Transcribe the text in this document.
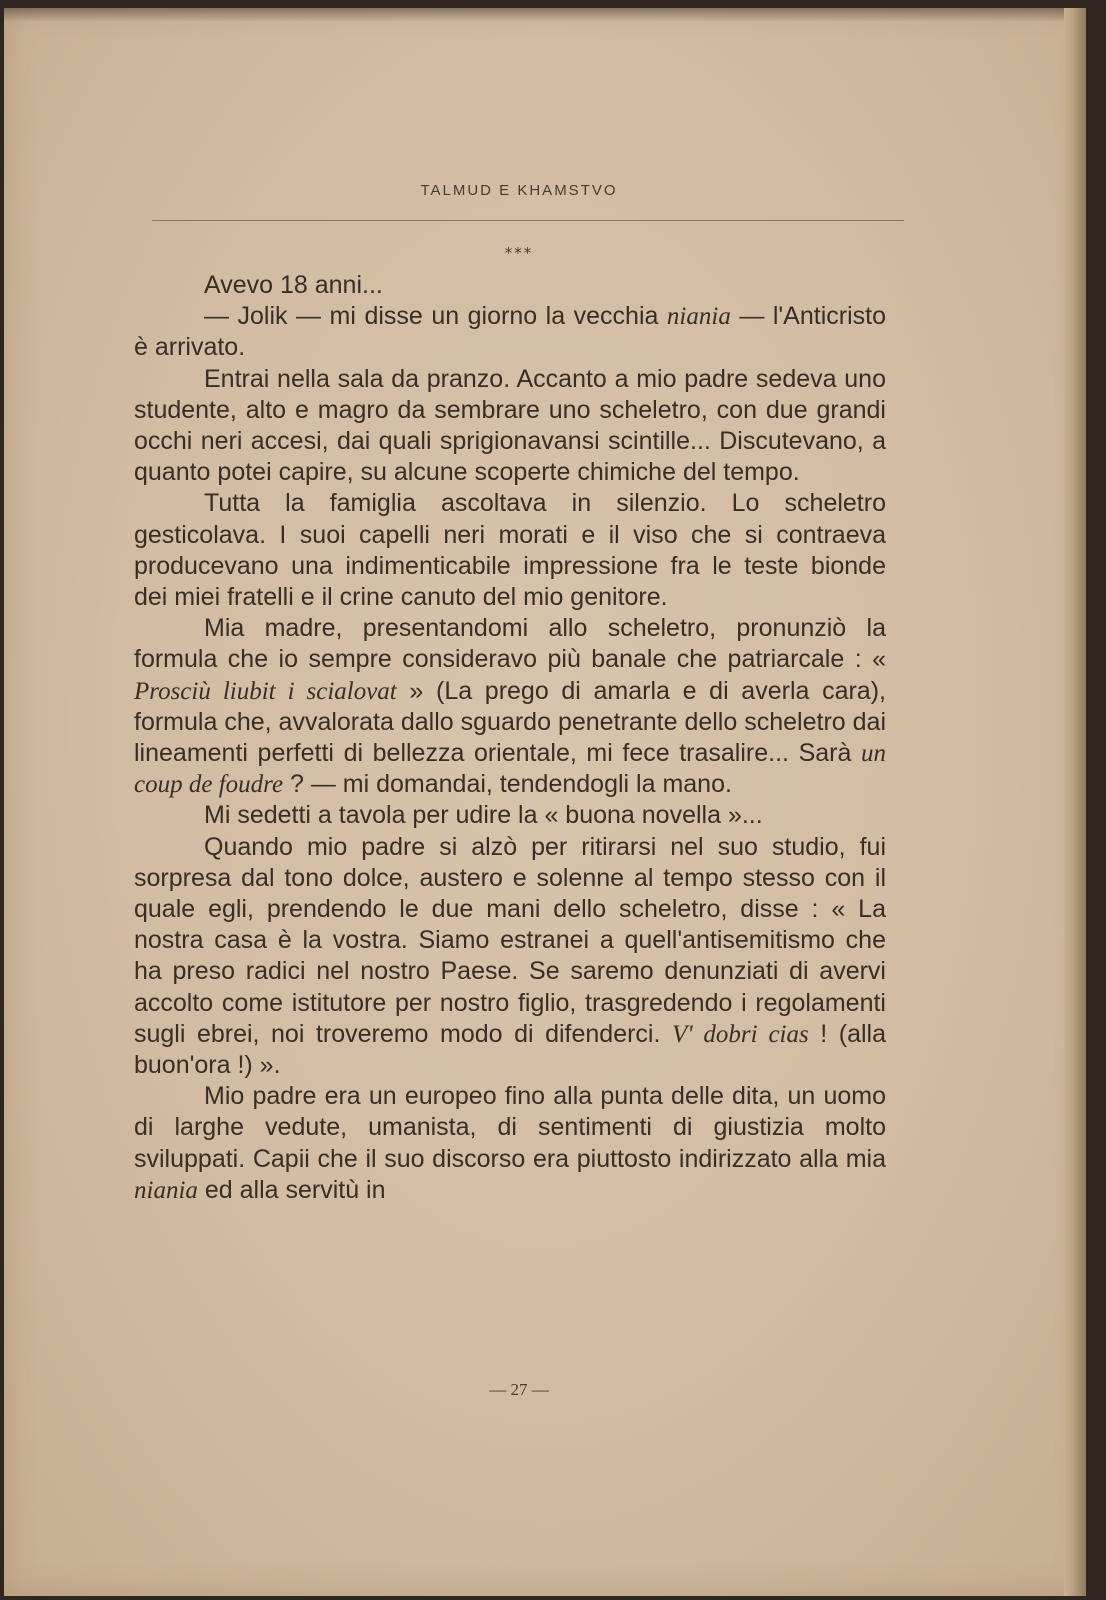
TALMUD E KHAMSTVO
***

Avevo 18 anni...

— Jolik — mi disse un giorno la vecchia niania — l'Anticristo è arrivato.

Entrai nella sala da pranzo. Accanto a mio padre sedeva uno studente, alto e magro da sembrare uno scheletro, con due grandi occhi neri accesi, dai quali sprigionavansi scintille... Discutevano, a quanto potei capire, su alcune scoperte chimiche del tempo.

Tutta la famiglia ascoltava in silenzio. Lo scheletro gesticolava. I suoi capelli neri morati e il viso che si contraeva producevano una indimenticabile impressione fra le teste bionde dei miei fratelli e il crine canuto del mio genitore.

Mia madre, presentandomi allo scheletro, pronunziò la formula che io sempre consideravo più banale che patriarcale : « Prosciù liubit i scialovat » (La prego di amarla e di averla cara), formula che, avvalorata dallo sguardo penetrante dello scheletro dai lineamenti perfetti di bellezza orientale, mi fece trasalire... Sarà un coup de foudre ? — mi domandai, tendendogli la mano.

Mi sedetti a tavola per udire la « buona novella »...

Quando mio padre si alzò per ritirarsi nel suo studio, fui sorpresa dal tono dolce, austero e solenne al tempo stesso con il quale egli, prendendo le due mani dello scheletro, disse : « La nostra casa è la vostra. Siamo estranei a quell'antisemitismo che ha preso radici nel nostro Paese. Se saremo denunziati di avervi accolto come istitutore per nostro figlio, trasgredendo i regolamenti sugli ebrei, noi troveremo modo di difenderci. V' dobri cias ! (alla buon'ora !) ».

Mio padre era un europeo fino alla punta delle dita, un uomo di larghe vedute, umanista, di sentimenti di giustizia molto sviluppati. Capii che il suo discorso era piuttosto indirizzato alla mia niania ed alla servitù in

— 27 —
